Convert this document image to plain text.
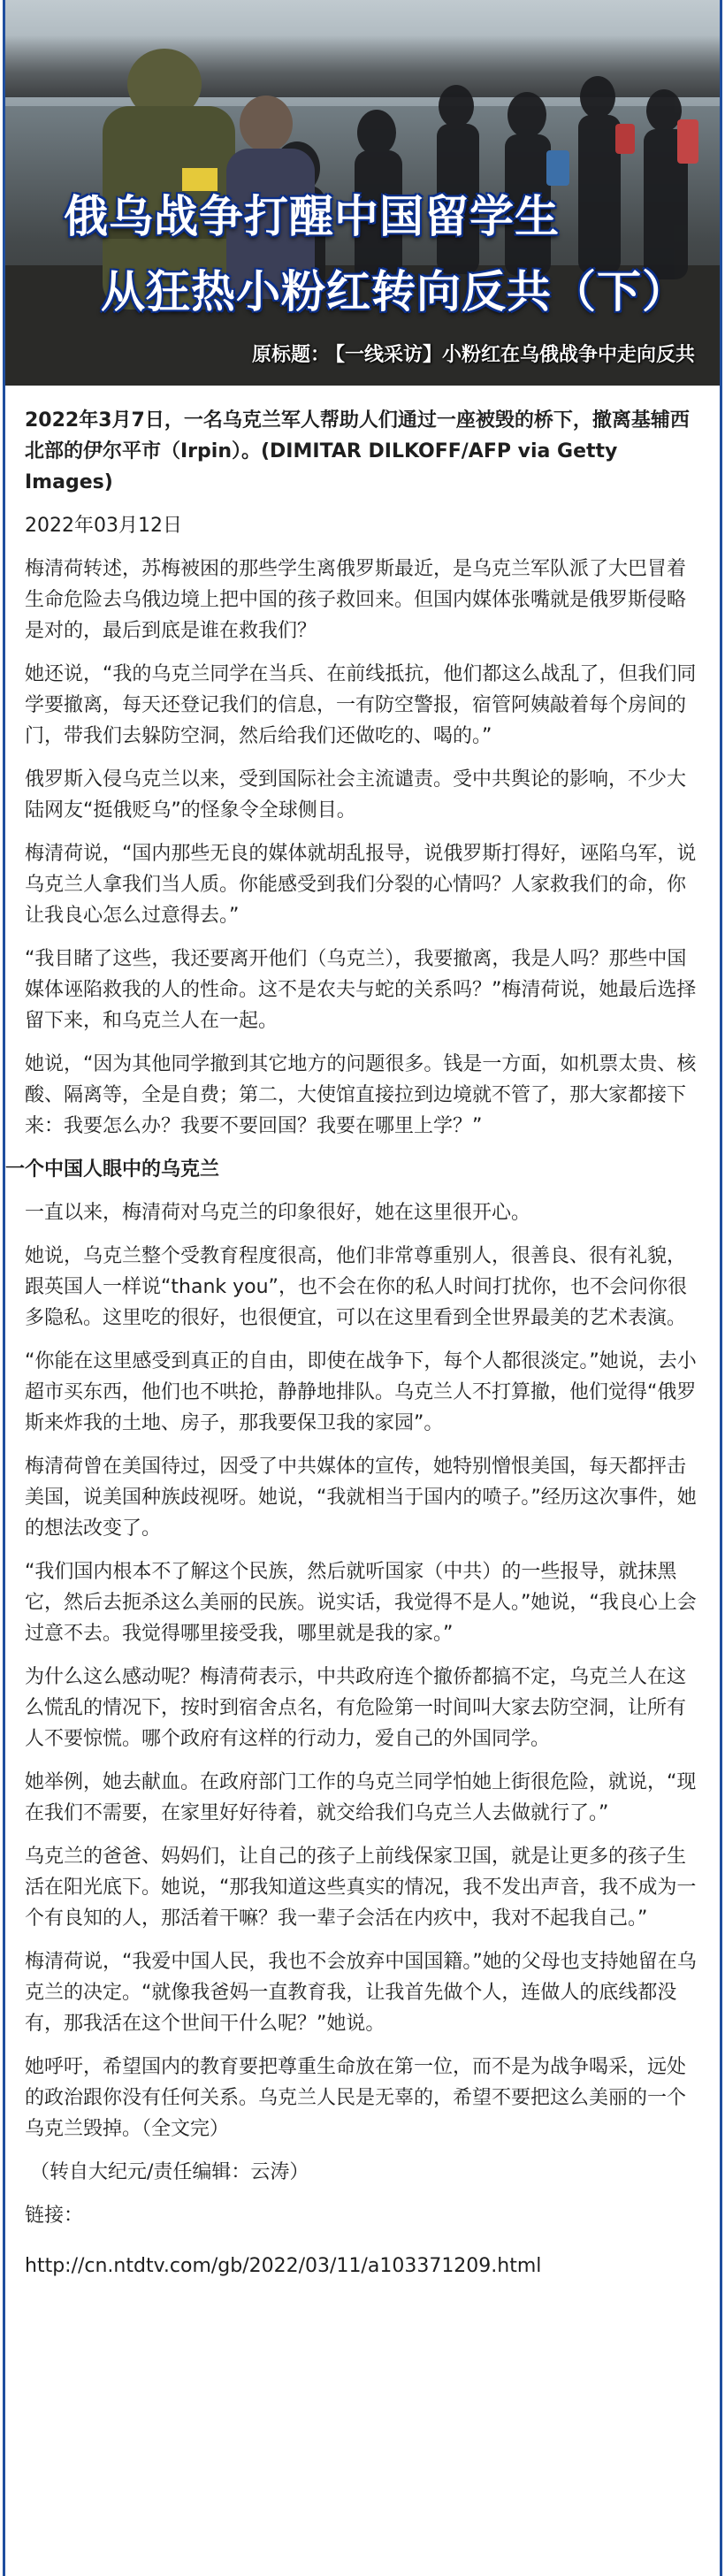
俄乌战争打醒中国留学生
从狂热小粉红转向反共（下）
原标题： 【一线采访】小粉红在乌俄战争中走向反共

2022年3月7日，一名乌克兰军人帮助人们通过一座被毁的桥下，撤离基辅西北部的伊尔平市（Irpin）。(DIMITAR DILKOFF/AFP via Getty Images)

2022年03月12日

梅清荷转述，苏梅被困的那些学生离俄罗斯最近，是乌克兰军队派了大巴冒着生命危险去乌俄边境上把中国的孩子救回来。但国内媒体张嘴就是俄罗斯侵略是对的，最后到底是谁在救我们？

她还说，“我的乌克兰同学在当兵、在前线抵抗，他们都这么战乱了，但我们同学要撤离，每天还登记我们的信息，一有防空警报，宿管阿姨敲着每个房间的门，带我们去躲防空洞，然后给我们还做吃的、喝的。”

俄罗斯入侵乌克兰以来，受到国际社会主流谴责。受中共舆论的影响，不少大陆网友“挺俄贬乌”的怪象令全球侧目。

梅清荷说，“国内那些无良的媒体就胡乱报导，说俄罗斯打得好，诬陷乌军，说乌克兰人拿我们当人质。你能感受到我们分裂的心情吗？人家救我们的命，你让我良心怎么过意得去。”

“我目睹了这些，我还要离开他们（乌克兰），我要撤离，我是人吗？那些中国媒体诬陷救我的人的性命。这不是农夫与蛇的关系吗？”梅清荷说，她最后选择留下来，和乌克兰人在一起。

她说，“因为其他同学撤到其它地方的问题很多。钱是一方面，如机票太贵、核酸、隔离等，全是自费；第二，大使馆直接拉到边境就不管了，那大家都接下来：我要怎么办？我要不要回国？我要在哪里上学？”

一个中国人眼中的乌克兰

一直以来，梅清荷对乌克兰的印象很好，她在这里很开心。

她说，乌克兰整个受教育程度很高，他们非常尊重别人，很善良、很有礼貌，跟英国人一样说“thank you”，也不会在你的私人时间打扰你，也不会问你很多隐私。这里吃的很好，也很便宜，可以在这里看到全世界最美的艺术表演。

“你能在这里感受到真正的自由，即使在战争下，每个人都很淡定。”她说，去小超市买东西，他们也不哄抢，静静地排队。乌克兰人不打算撤，他们觉得“俄罗斯来炸我的土地、房子，那我要保卫我的家园”。

梅清荷曾在美国待过，因受了中共媒体的宣传，她特别憎恨美国，每天都抨击美国，说美国种族歧视呀。她说，“我就相当于国内的喷子。”经历这次事件，她的想法改变了。

“我们国内根本不了解这个民族，然后就听国家（中共）的一些报导，就抹黑它，然后去扼杀这么美丽的民族。说实话，我觉得不是人。”她说，“我良心上会过意不去。我觉得哪里接受我，哪里就是我的家。”

为什么这么感动呢？梅清荷表示，中共政府连个撤侨都搞不定，乌克兰人在这么慌乱的情况下，按时到宿舍点名，有危险第一时间叫大家去防空洞，让所有人不要惊慌。哪个政府有这样的行动力，爱自己的外国同学。

她举例，她去献血。在政府部门工作的乌克兰同学怕她上街很危险，就说，“现在我们不需要，在家里好好待着，就交给我们乌克兰人去做就行了。”

乌克兰的爸爸、妈妈们，让自己的孩子上前线保家卫国，就是让更多的孩子生活在阳光底下。她说，“那我知道这些真实的情况，我不发出声音，我不成为一个有良知的人，那活着干嘛？我一辈子会活在内疚中，我对不起我自己。”

梅清荷说，“我爱中国人民，我也不会放弃中国国籍。”她的父母也支持她留在乌克兰的决定。“就像我爸妈一直教育我，让我首先做个人，连做人的底线都没有，那我活在这个世间干什么呢？”她说。

她呼吁，希望国内的教育要把尊重生命放在第一位，而不是为战争喝采，远处的政治跟你没有任何关系。乌克兰人民是无辜的，希望不要把这么美丽的一个乌克兰毁掉。（全文完）

（转自大纪元/责任编辑：云涛）

链接：

http://cn.ntdtv.com/gb/2022/03/11/a103371209.html
